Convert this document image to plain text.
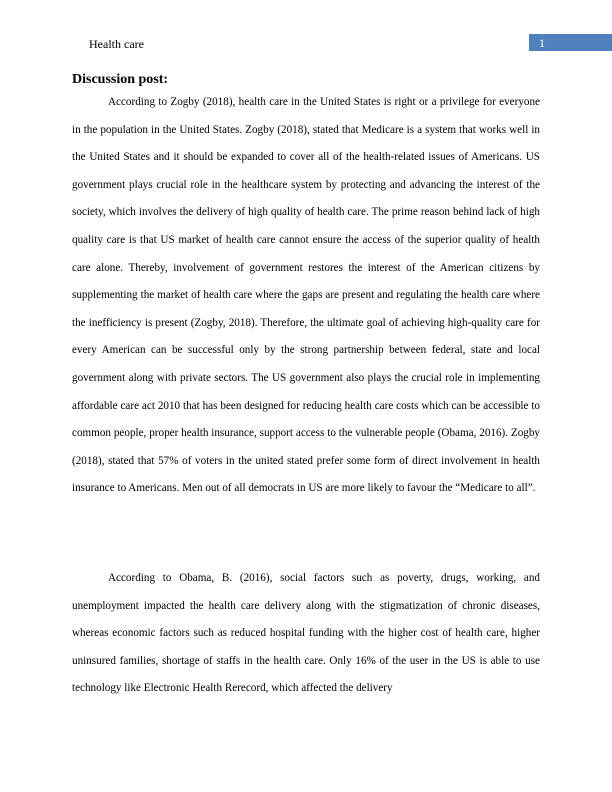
Health care	1
Discussion post:

According to Zogby (2018), health care in the United States is right or a privilege for everyone in the population in the United States. Zogby (2018), stated that Medicare is a system that works well in the United States and it should be expanded to cover all of the health-related issues of Americans. US government plays crucial role in the healthcare system by protecting and advancing the interest of the society, which involves the delivery of high quality of health care. The prime reason behind lack of high quality care is that US market of health care cannot ensure the access of the superior quality of health care alone. Thereby, involvement of government restores the interest of the American citizens by supplementing the market of health care where the gaps are present and regulating the health care where the inefficiency is present (Zogby, 2018). Therefore, the ultimate goal of achieving high-quality care for every American can be successful only by the strong partnership between federal, state and local government along with private sectors. The US government also plays the crucial role in implementing affordable care act 2010 that has been designed for reducing health care costs which can be accessible to common people, proper health insurance, support access to the vulnerable people (Obama, 2016). Zogby (2018), stated that 57% of voters in the united stated prefer some form of direct involvement in health insurance to Americans. Men out of all democrats in US are more likely to favour the “Medicare to all”.

According to Obama, B. (2016), social factors such as poverty, drugs, working, and unemployment impacted the health care delivery along with the stigmatization of chronic diseases, whereas economic factors such as reduced hospital funding with the higher cost of health care, higher uninsured families, shortage of staffs in the health care. Only 16% of the user in the US is able to use technology like Electronic Health Rerecord, which affected the delivery
